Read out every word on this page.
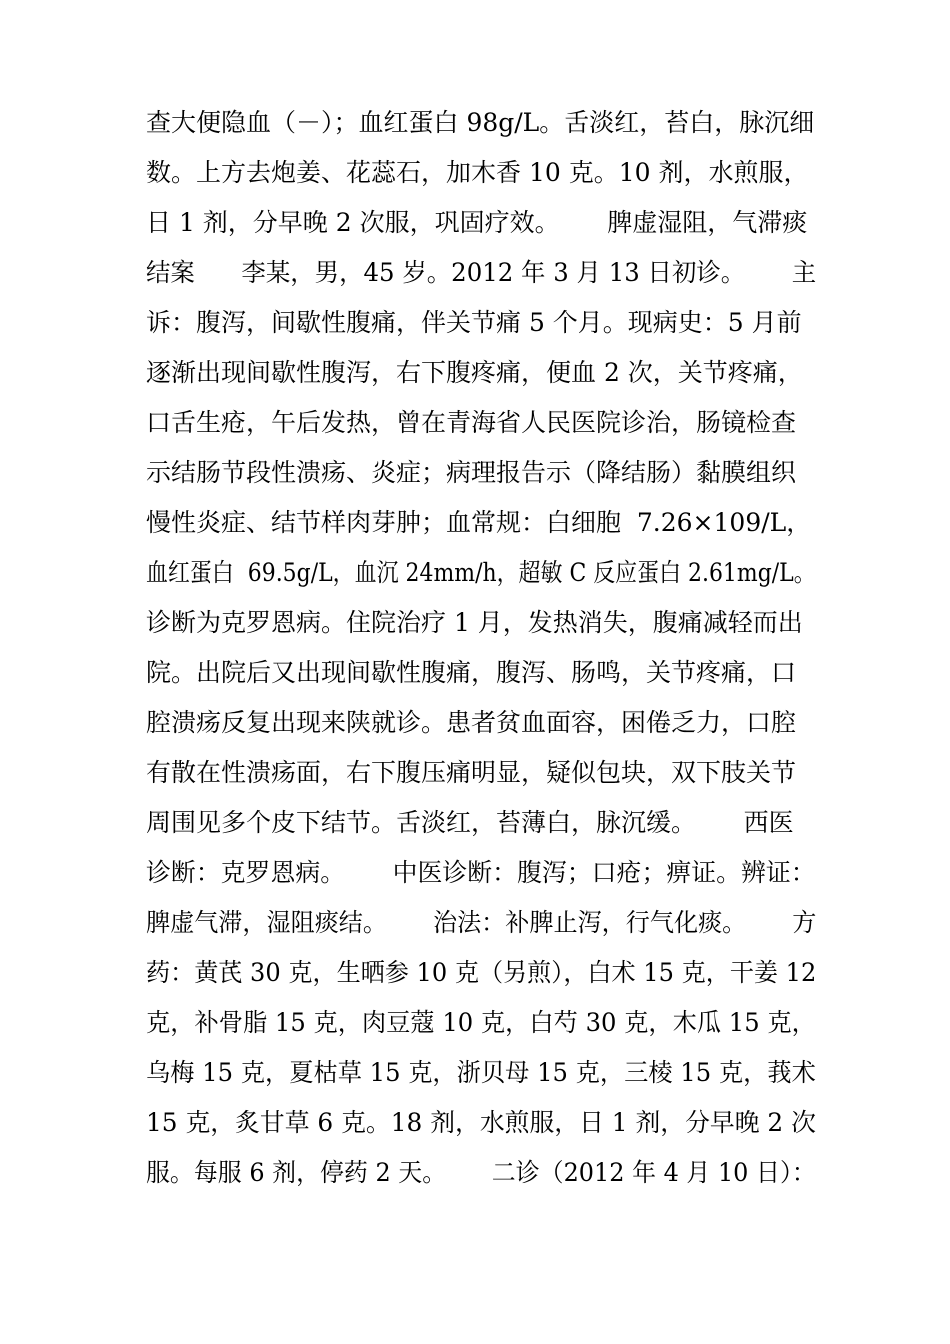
查大便隐血（－）；血红蛋白 98g/L。舌淡红，苔白，脉沉细
数。上方去炮姜、花蕊石，加木香 10 克。10 剂，水煎服，
日 1 剂，分早晚 2 次服，巩固疗效。      脾虚湿阻，气滞痰
结案      李某，男，45 岁。2012 年 3 月 13 日初诊。      主
诉：腹泻，间歇性腹痛，伴关节痛 5 个月。现病史：5 月前
逐渐出现间歇性腹泻，右下腹疼痛，便血 2 次，关节疼痛，
口舌生疮，午后发热，曾在青海省人民医院诊治，肠镜检查
示结肠节段性溃疡、炎症；病理报告示（降结肠）黏膜组织
慢性炎症、结节样肉芽肿；血常规：白细胞  7.26×109/L，
血红蛋白  69.5g/L，血沉 24mm/h，超敏 C 反应蛋白 2.61mg/L。
诊断为克罗恩病。住院治疗 1 月，发热消失，腹痛减轻而出
院。出院后又出现间歇性腹痛，腹泻、肠鸣，关节疼痛，口
腔溃疡反复出现来陕就诊。患者贫血面容，困倦乏力，口腔
有散在性溃疡面，右下腹压痛明显，疑似包块，双下肢关节
周围见多个皮下结节。舌淡红，苔薄白，脉沉缓。      西医
诊断：克罗恩病。      中医诊断：腹泻；口疮；痹证。辨证：
脾虚气滞，湿阻痰结。      治法：补脾止泻，行气化痰。      方
药：黄芪 30 克，生晒参 10 克（另煎），白术 15 克，干姜 12
克，补骨脂 15 克，肉豆蔻 10 克，白芍 30 克，木瓜 15 克，
乌梅 15 克，夏枯草 15 克，浙贝母 15 克，三棱 15 克，莪术
15 克，炙甘草 6 克。18 剂，水煎服，日 1 剂，分早晚 2 次
服。每服 6 剂，停药 2 天。      二诊（2012 年 4 月 10 日）：
